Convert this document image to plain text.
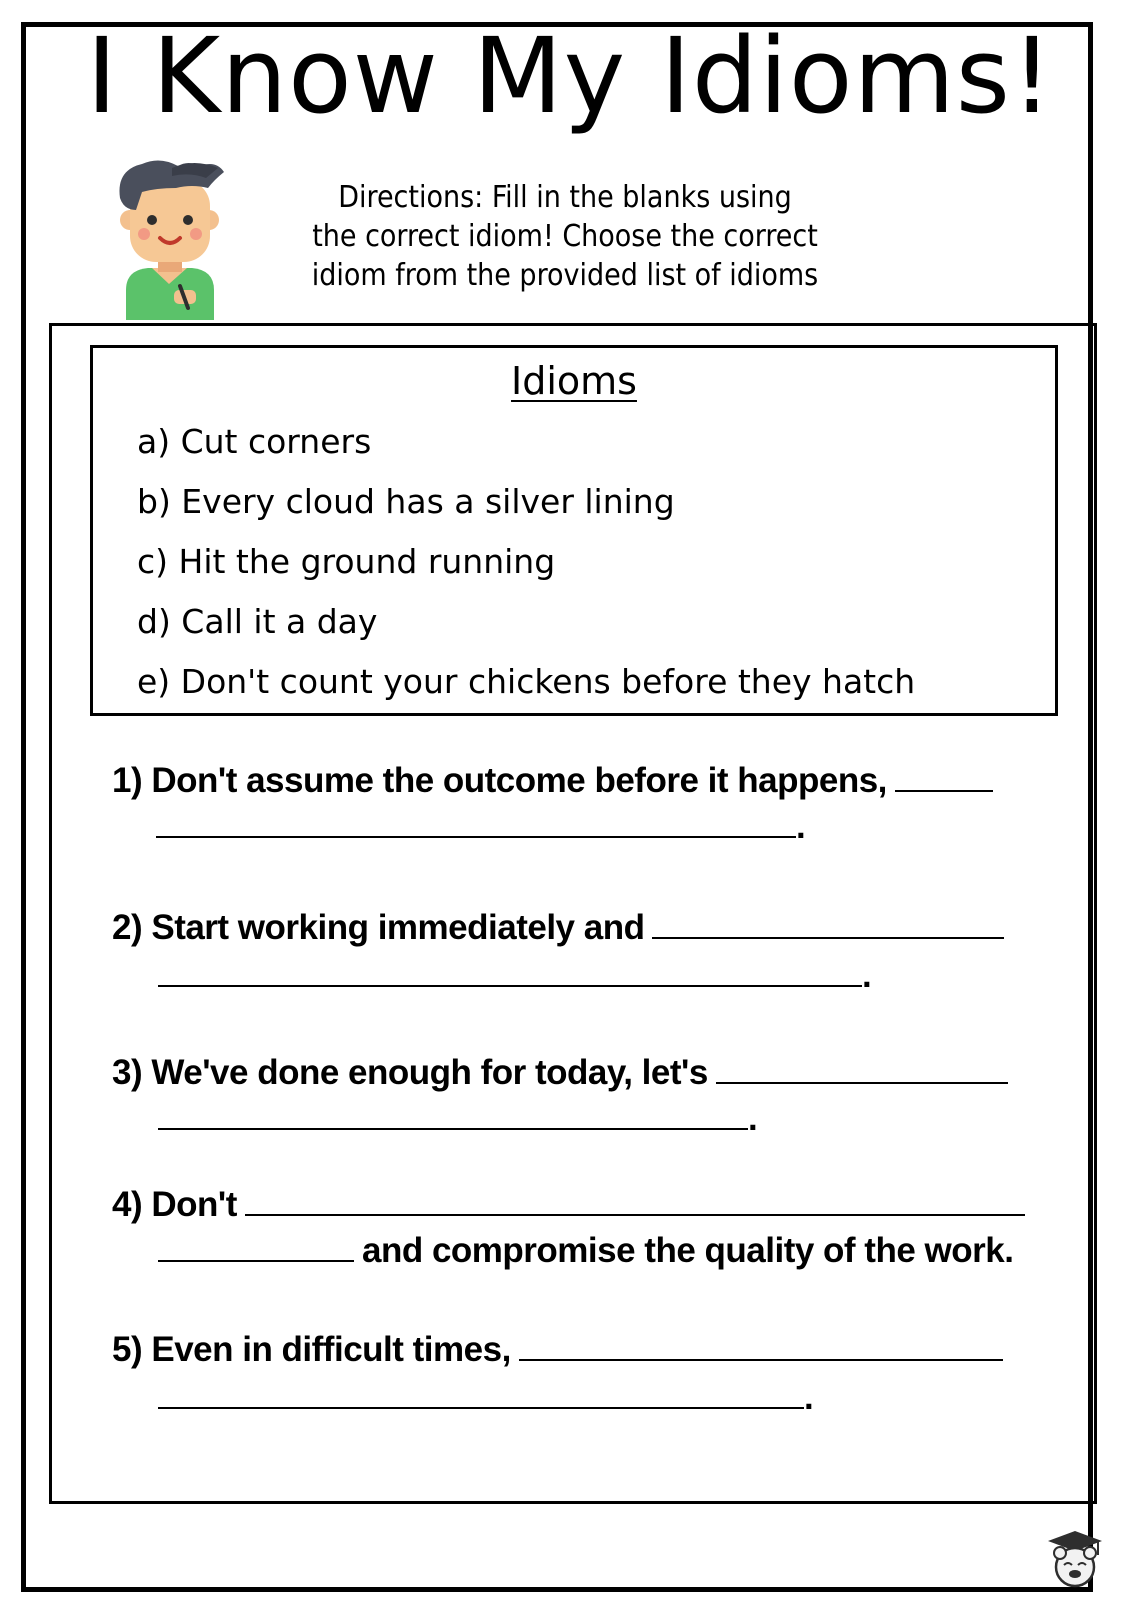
I Know My Idioms!
Directions: Fill in the blanks using
the correct idiom! Choose the correct
idiom from the provided list of idioms
Idioms
a) Cut corners
b) Every cloud has a silver lining
c) Hit the ground running
d) Call it a day
e) Don't count your chickens before they hatch
1) Don't assume the outcome before it happens,
.
2) Start working immediately and
.
3) We've done enough for today, let's
.
4) Don't
and compromise the quality of the work.
5) Even in difficult times,
.
